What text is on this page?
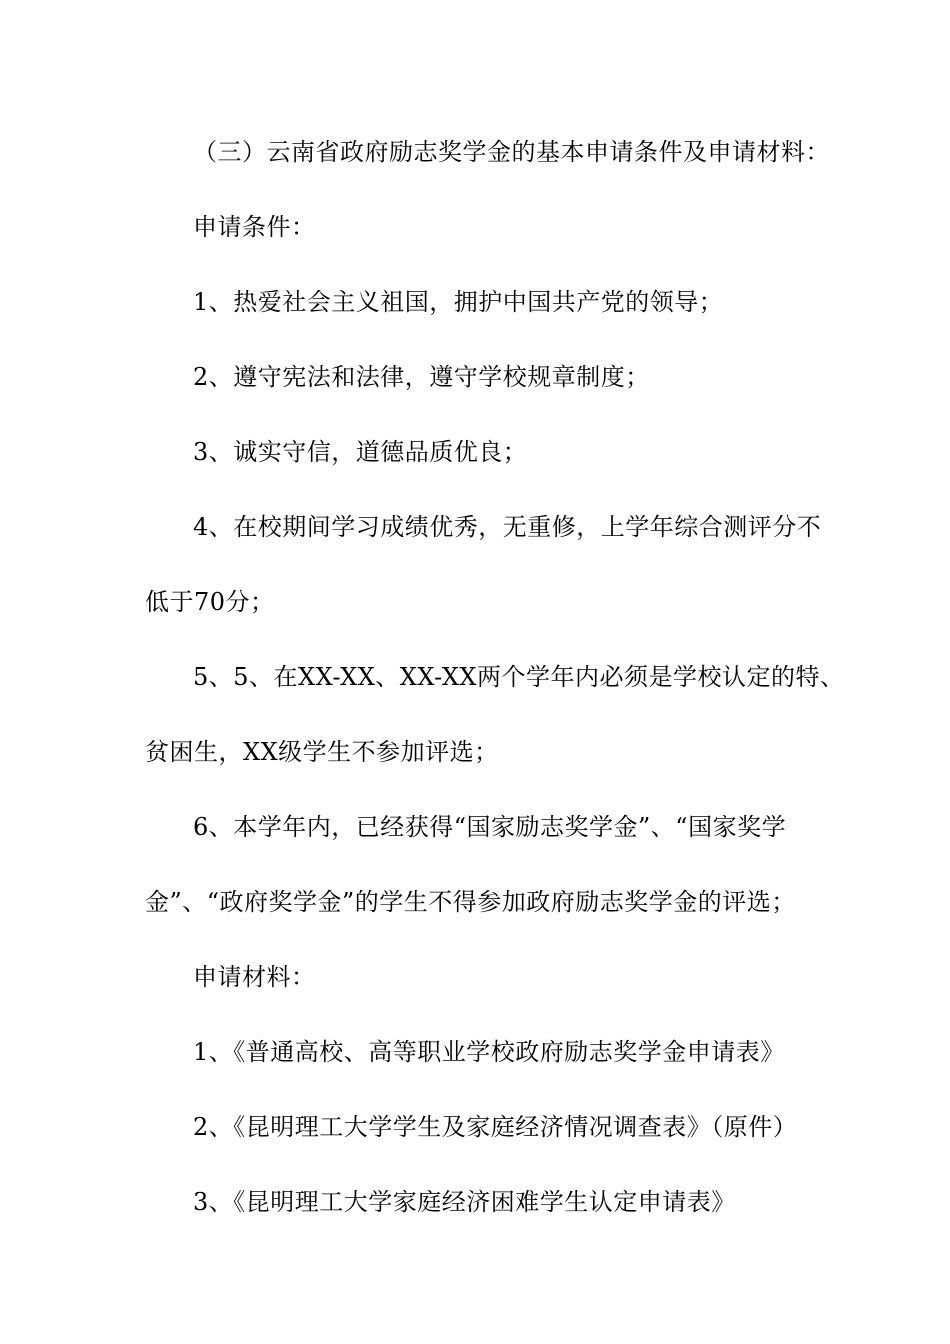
（三）云南省政府励志奖学金的基本申请条件及申请材料：
申请条件：
1、热爱社会主义祖国，拥护中国共产党的领导；
2、遵守宪法和法律，遵守学校规章制度；
3、诚实守信，道德品质优良；
4、在校期间学习成绩优秀，无重修，上学年综合测评分不
低于70分；
5、5、在XX-XX、XX-XX两个学年内必须是学校认定的特、
贫困生，XX级学生不参加评选；
6、本学年内，已经获得“国家励志奖学金”、“国家奖学
金”、“政府奖学金”的学生不得参加政府励志奖学金的评选；
申请材料：
1、《普通高校、高等职业学校政府励志奖学金申请表》
2、《昆明理工大学学生及家庭经济情况调查表》（原件）
3、《昆明理工大学家庭经济困难学生认定申请表》
